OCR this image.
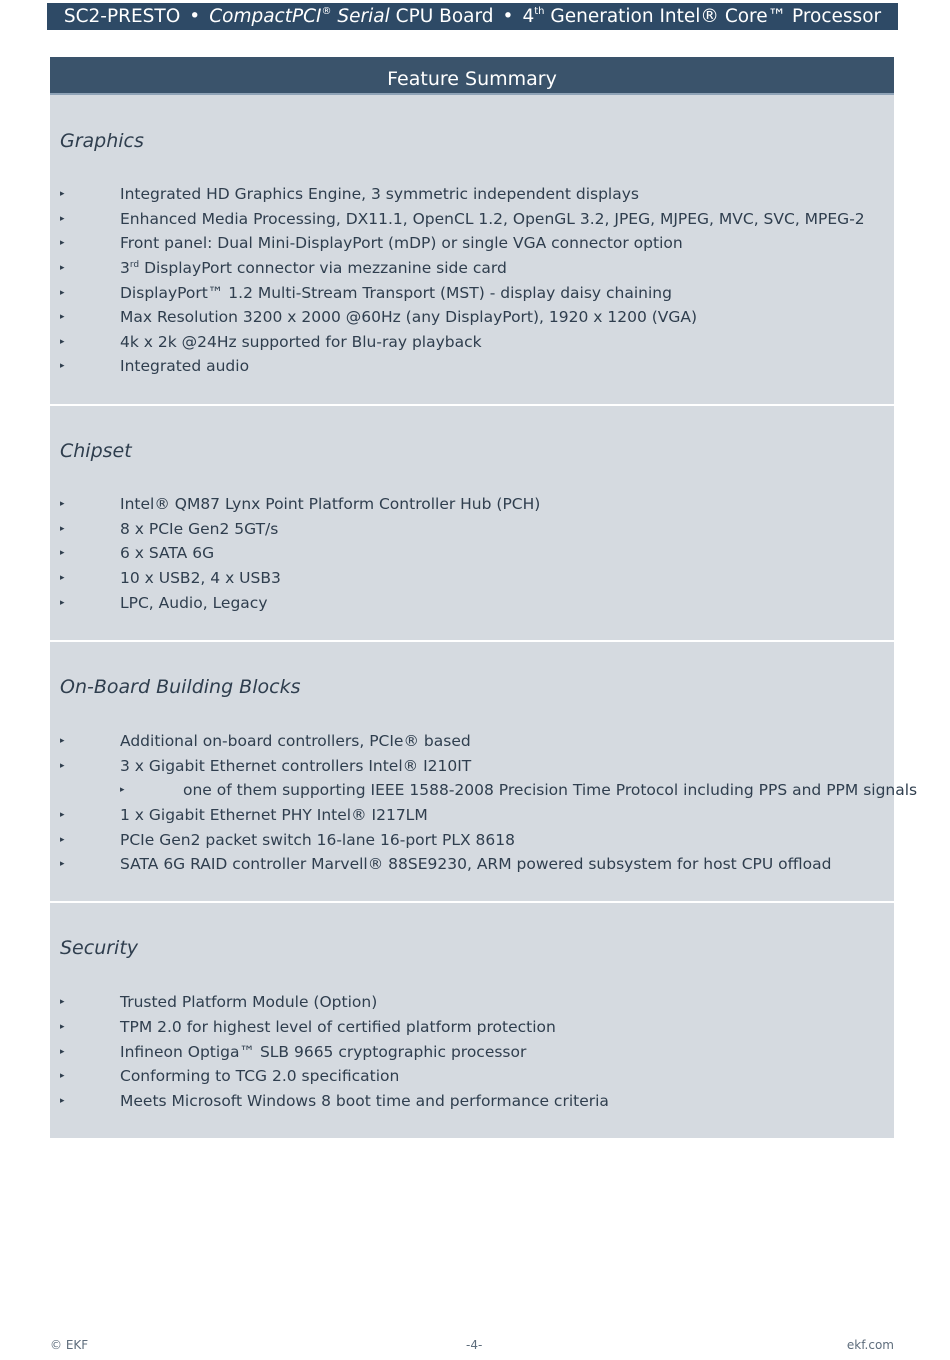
SC2-PRESTO • CompactPCI® Serial CPU Board • 4th Generation Intel® Core™ Processor
Feature Summary
Graphics
▸	Integrated HD Graphics Engine, 3 symmetric independent displays
▸	Enhanced Media Processing, DX11.1, OpenCL 1.2, OpenGL 3.2, JPEG, MJPEG, MVC, SVC, MPEG-2
▸	Front panel: Dual Mini-DisplayPort (mDP) or single VGA connector option
▸	3rd DisplayPort connector via mezzanine side card
▸	DisplayPort™ 1.2 Multi-Stream Transport (MST) - display daisy chaining
▸	Max Resolution 3200 x 2000 @60Hz (any DisplayPort), 1920 x 1200 (VGA)
▸	4k x 2k @24Hz supported for Blu-ray playback
▸	Integrated audio
Chipset
▸	Intel® QM87 Lynx Point Platform Controller Hub (PCH)
▸	8 x PCIe Gen2 5GT/s
▸	6 x SATA 6G
▸	10 x USB2, 4 x USB3
▸	LPC, Audio, Legacy
On-Board Building Blocks
▸	Additional on-board controllers, PCIe® based
▸	3 x Gigabit Ethernet controllers Intel® I210IT
▸	one of them supporting IEEE 1588-2008 Precision Time Protocol including PPS and PPM signals
▸	1 x Gigabit Ethernet PHY Intel® I217LM
▸	PCIe Gen2 packet switch 16-lane 16-port PLX 8618
▸	SATA 6G RAID controller Marvell® 88SE9230, ARM powered subsystem for host CPU offload
Security
▸	Trusted Platform Module (Option)
▸	TPM 2.0 for highest level of certified platform protection
▸	Infineon Optiga™ SLB 9665 cryptographic processor
▸	Conforming to TCG 2.0 specification
▸	Meets Microsoft Windows 8 boot time and performance criteria
© EKF	-4-	ekf.com
